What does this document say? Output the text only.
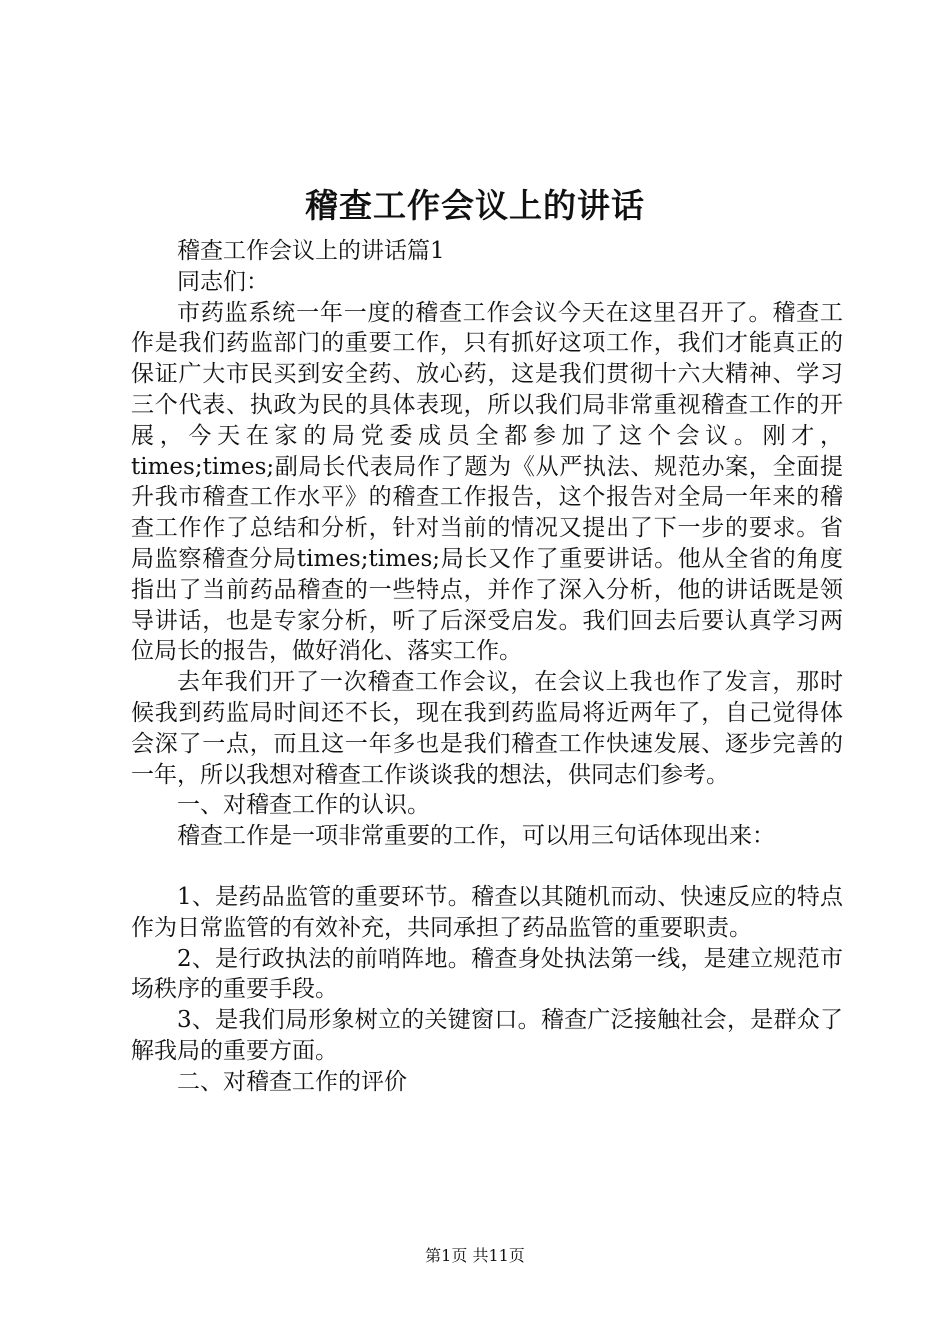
稽查工作会议上的讲话

稽查工作会议上的讲话篇1

同志们：

市药监系统一年一度的稽查工作会议今天在这里召开了。稽查工作是我们药监部门的重要工作，只有抓好这项工作，我们才能真正的保证广大市民买到安全药、放心药，这是我们贯彻十六大精神、学习三个代表、执政为民的具体表现，所以我们局非常重视稽查工作的开展，今天在家的局党委成员全都参加了这个会议。刚才，times;times;副局长代表局作了题为《从严执法、规范办案，全面提升我市稽查工作水平》的稽查工作报告，这个报告对全局一年来的稽查工作作了总结和分析，针对当前的情况又提出了下一步的要求。省局监察稽查分局times;times;局长又作了重要讲话。他从全省的角度指出了当前药品稽查的一些特点，并作了深入分析，他的讲话既是领导讲话，也是专家分析，听了后深受启发。我们回去后要认真学习两位局长的报告，做好消化、落实工作。

去年我们开了一次稽查工作会议，在会议上我也作了发言，那时候我到药监局时间还不长，现在我到药监局将近两年了，自己觉得体会深了一点，而且这一年多也是我们稽查工作快速发展、逐步完善的一年，所以我想对稽查工作谈谈我的想法，供同志们参考。

一、对稽查工作的认识。

稽查工作是一项非常重要的工作，可以用三句话体现出来：

1、是药品监管的重要环节。稽查以其随机而动、快速反应的特点作为日常监管的有效补充，共同承担了药品监管的重要职责。

2、是行政执法的前哨阵地。稽查身处执法第一线，是建立规范市场秩序的重要手段。

3、是我们局形象树立的关键窗口。稽查广泛接触社会，是群众了解我局的重要方面。

二、对稽查工作的评价

第1页 共11页
